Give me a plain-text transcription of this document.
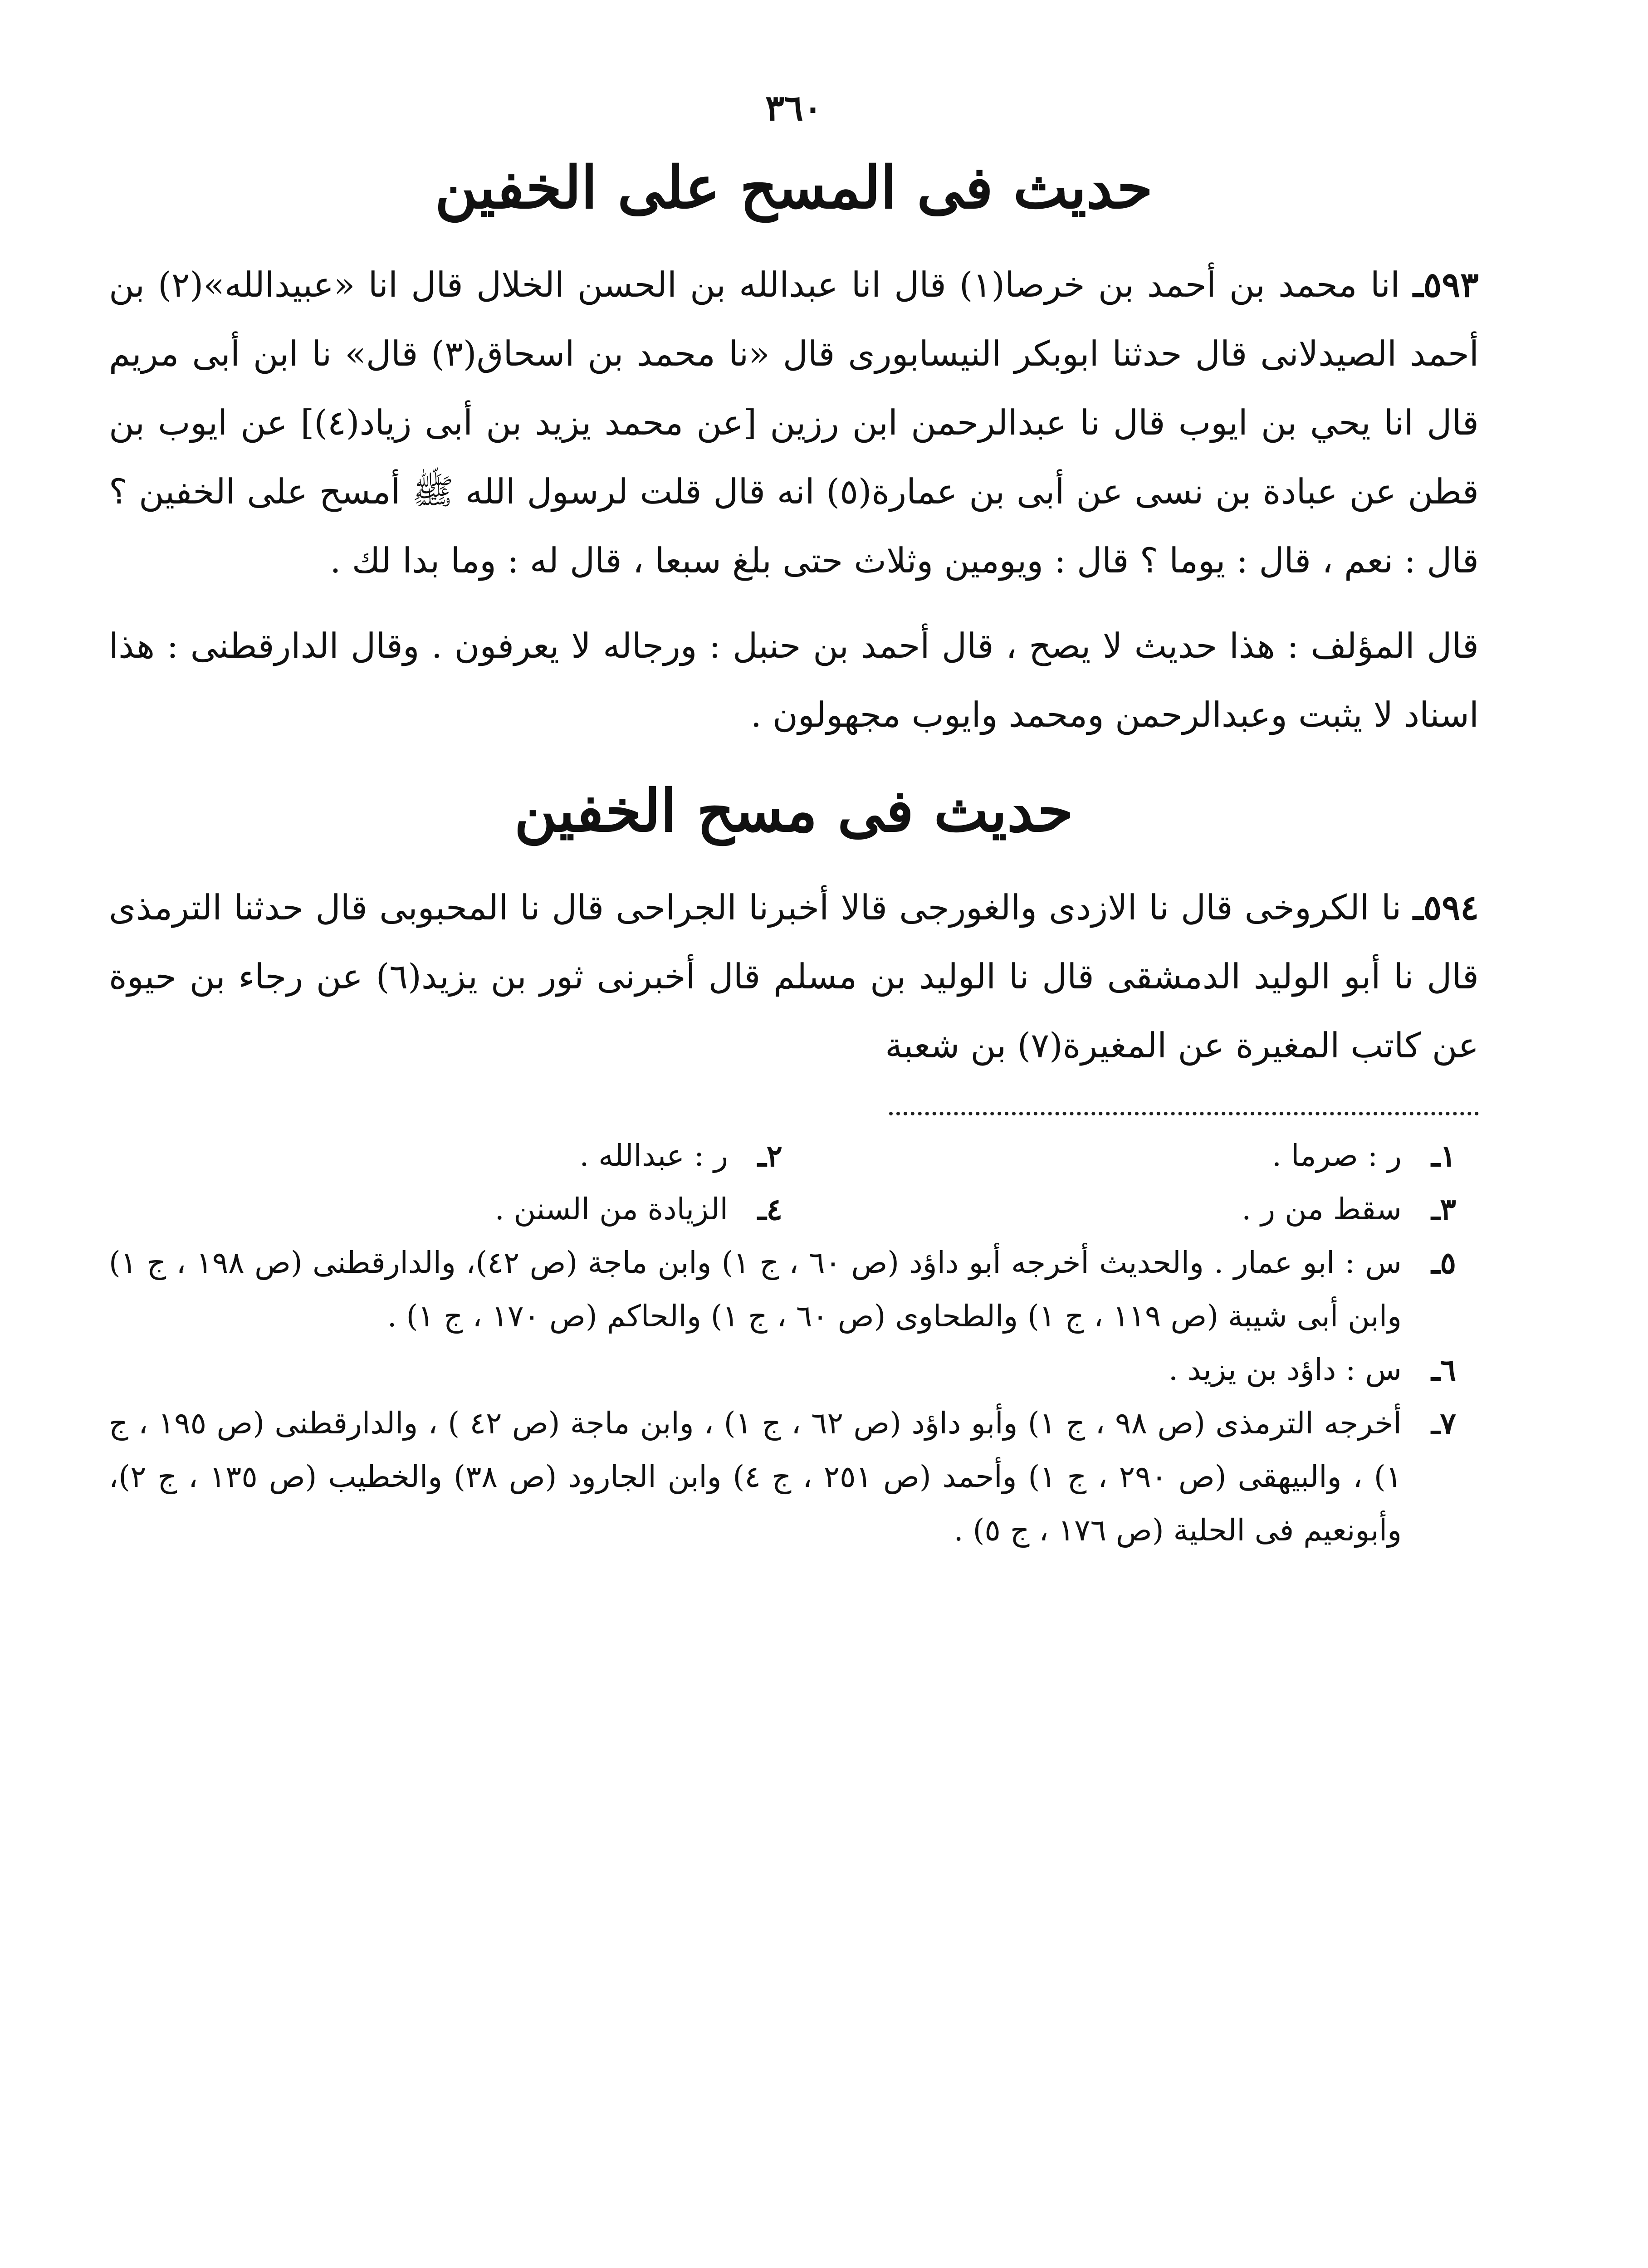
٣٦٠
حديث فى المسح على الخفين

٥٩٣ـ انا محمد بن أحمد بن خرصا(١) قال انا عبدالله بن الحسن الخلال قال انا «عبيدالله»(٢) بن أحمد الصيدلانى قال حدثنا ابوبكر النيسابورى قال «نا محمد بن اسحاق(٣) قال» نا ابن أبى مريم قال انا يحي بن ايوب قال نا عبدالرحمن ابن رزين [عن محمد يزيد بن أبى زياد(٤)] عن ايوب بن قطن عن عبادة بن نسى عن أبى بن عمارة(٥) انه قال قلت لرسول الله ﷺ أمسح على الخفين ؟ قال : نعم ، قال : يوما ؟ قال : ويومين وثلاث حتى بلغ سبعا ، قال له : وما بدا لك .

قال المؤلف : هذا حديث لا يصح ، قال أحمد بن حنبل : ورجاله لا يعرفون . وقال الدارقطنى : هذا اسناد لا يثبت وعبدالرحمن ومحمد وايوب مجهولون .

حديث فى مسح الخفين

٥٩٤ـ نا الكروخى قال نا الازدى والغورجى قالا أخبرنا الجراحى قال نا المحبوبى قال حدثنا الترمذى قال نا أبو الوليد الدمشقى قال نا الوليد بن مسلم قال أخبرنى ثور بن يزيد(٦) عن رجاء بن حيوة عن كاتب المغيرة عن المغيرة(٧) بن شعبة

١ـ
ر : صرما .
٢ـ
ر : عبدالله .
٣ـ
سقط من ر .
٤ـ
الزيادة من السنن .
٥ـ
س : ابو عمار . والحديث أخرجه أبو داؤد (ص ٦٠ ، ج ١) وابن ماجة (ص ٤٢)، والدارقطنى (ص ١٩٨ ، ج ١) وابن أبى شيبة (ص ١١٩ ، ج ١) والطحاوى (ص ٦٠ ، ج ١) والحاكم (ص ١٧٠ ، ج ١) .
٦ـ
س : داؤد بن يزيد .
٧ـ
أخرجه الترمذى (ص ٩٨ ، ج ١) وأبو داؤد (ص ٦٢ ، ج ١) ، وابن ماجة (ص ٤٢ ) ، والدارقطنى (ص ١٩٥ ، ج ١) ، والبيهقى (ص ٢٩٠ ، ج ١) وأحمد (ص ٢٥١ ، ج ٤) وابن الجارود (ص ٣٨) والخطيب (ص ١٣٥ ، ج ٢)، وأبونعيم فى الحلية (ص ١٧٦ ، ج ٥) .
